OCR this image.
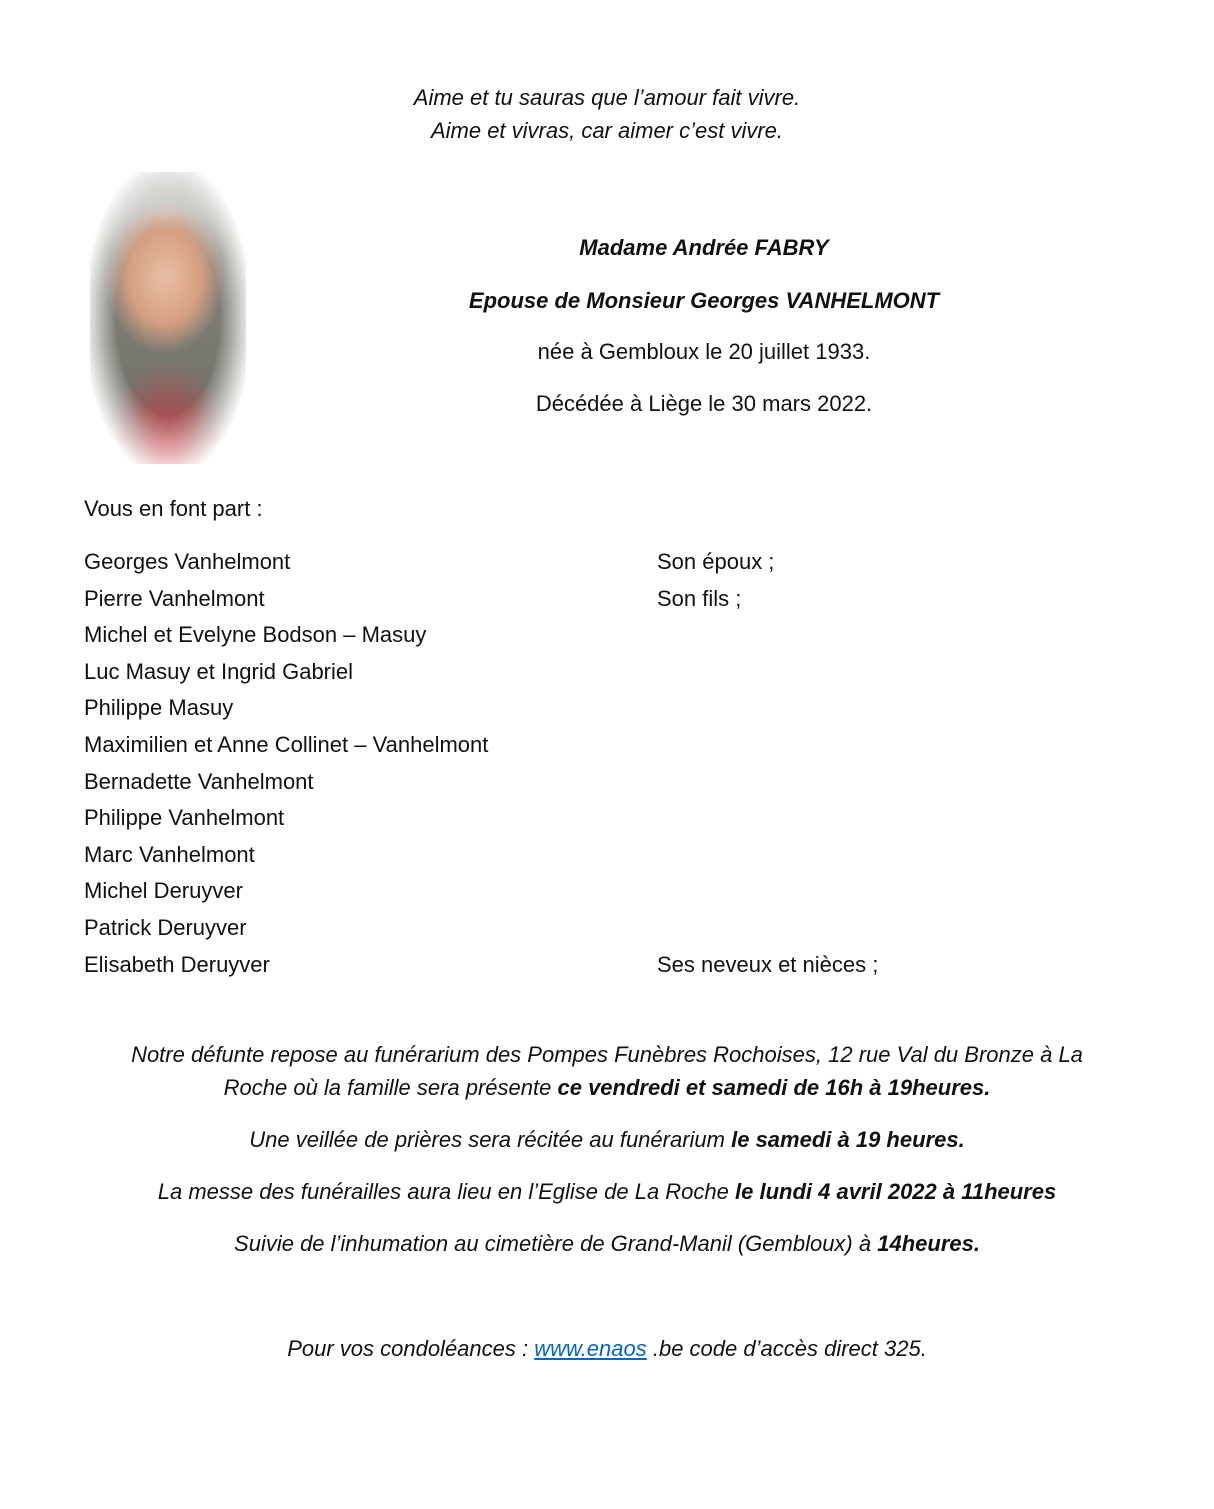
Aime et tu sauras que l’amour fait vivre.
Aime et vivras, car aimer c’est vivre.
Madame Andrée FABRY
Epouse de Monsieur Georges VANHELMONT
née à Gembloux le 20 juillet 1933.
Décédée à Liège le 30 mars 2022.
Vous en font part :
Georges Vanhelmont	Son époux ;
Pierre Vanhelmont	Son fils ;
Michel et Evelyne Bodson – Masuy
Luc Masuy et Ingrid Gabriel
Philippe Masuy
Maximilien et Anne Collinet – Vanhelmont
Bernadette Vanhelmont
Philippe Vanhelmont
Marc Vanhelmont
Michel Deruyver
Patrick Deruyver
Elisabeth Deruyver	Ses neveux et nièces ;
Notre défunte repose au funérarium des Pompes Funèbres Rochoises, 12 rue Val du Bronze à La
Roche où la famille sera présente ce vendredi et samedi de 16h à 19heures.
Une veillée de prières sera récitée au funérarium le samedi à 19 heures.
La messe des funérailles aura lieu en l’Eglise de La Roche le lundi 4 avril 2022 à 11heures
Suivie de l’inhumation au cimetière de Grand-Manil (Gembloux) à 14heures.
Pour vos condoléances : www.enaos .be code d’accès direct 325.
